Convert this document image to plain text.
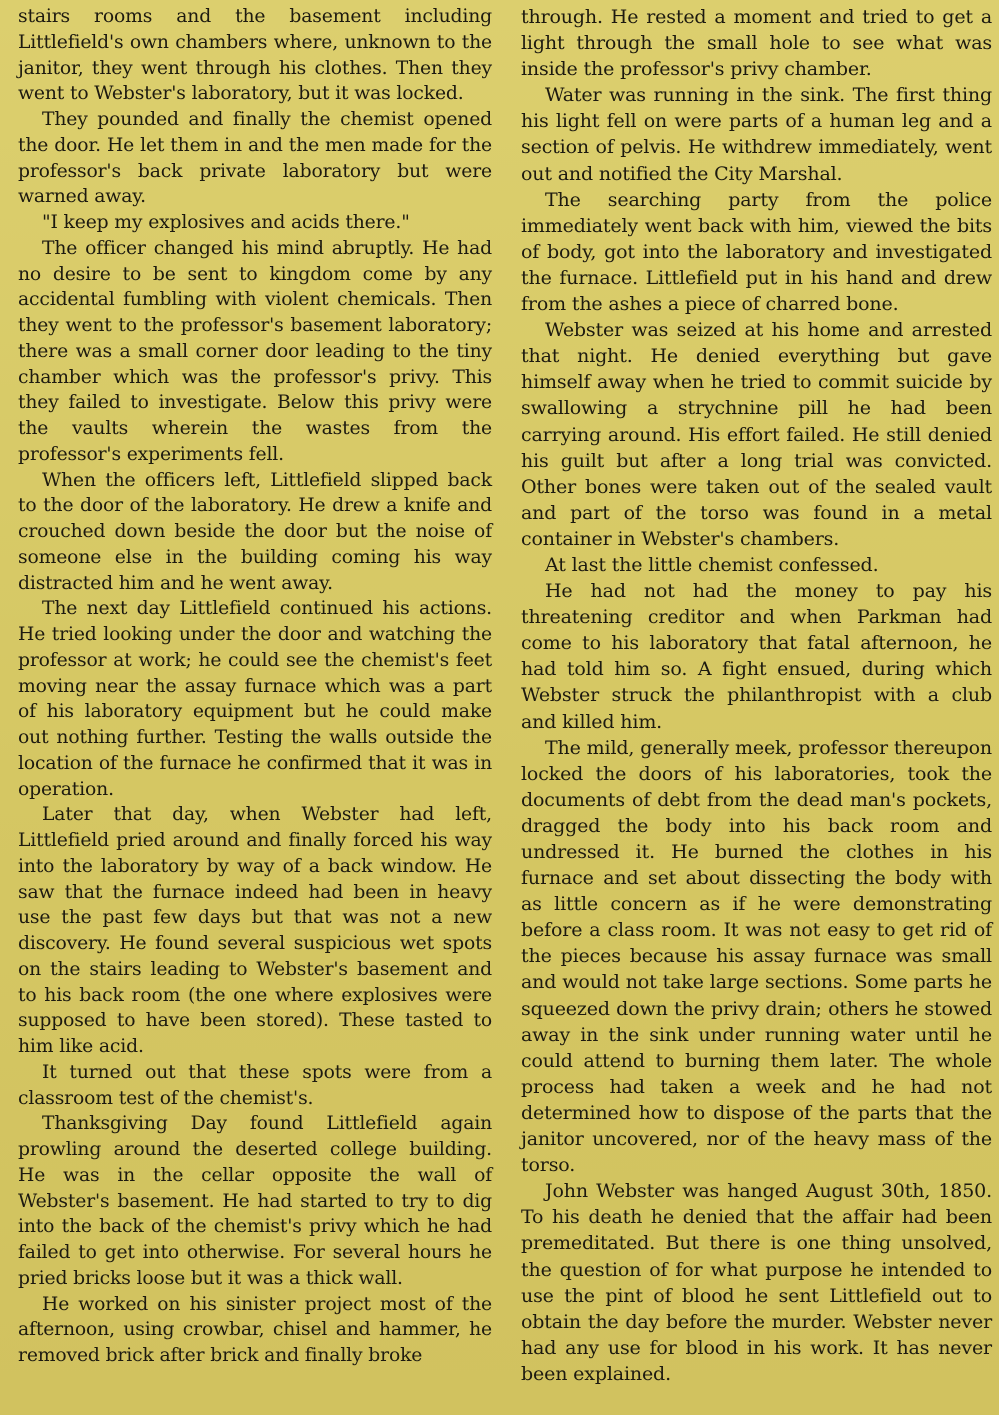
stairs rooms and the basement including Littlefield's own chambers where, unknown to the janitor, they went through his clothes. Then they went to Webster's laboratory, but it was locked.

They pounded and finally the chemist opened the door. He let them in and the men made for the professor's back private laboratory but were warned away.

"I keep my explosives and acids there."

The officer changed his mind abruptly. He had no desire to be sent to kingdom come by any accidental fumbling with violent chemicals. Then they went to the professor's basement laboratory; there was a small corner door leading to the tiny chamber which was the professor's privy. This they failed to investigate. Below this privy were the vaults wherein the wastes from the professor's experiments fell.

When the officers left, Littlefield slipped back to the door of the laboratory. He drew a knife and crouched down beside the door but the noise of someone else in the building coming his way distracted him and he went away.

The next day Littlefield continued his actions. He tried looking under the door and watching the professor at work; he could see the chemist's feet moving near the assay furnace which was a part of his laboratory equipment but he could make out nothing further. Testing the walls outside the location of the furnace he confirmed that it was in operation.

Later that day, when Webster had left, Littlefield pried around and finally forced his way into the laboratory by way of a back window. He saw that the furnace indeed had been in heavy use the past few days but that was not a new discovery. He found several suspicious wet spots on the stairs leading to Webster's basement and to his back room (the one where explosives were supposed to have been stored). These tasted to him like acid.

It turned out that these spots were from a classroom test of the chemist's.

Thanksgiving Day found Littlefield again prowling around the deserted college building. He was in the cellar opposite the wall of Webster's basement. He had started to try to dig into the back of the chemist's privy which he had failed to get into otherwise. For several hours he pried bricks loose but it was a thick wall.

He worked on his sinister project most of the afternoon, using crowbar, chisel and hammer, he removed brick after brick and finally broke

through. He rested a moment and tried to get a light through the small hole to see what was inside the professor's privy chamber.

Water was running in the sink. The first thing his light fell on were parts of a human leg and a section of pelvis. He withdrew immediately, went out and notified the City Marshal.

The searching party from the police immediately went back with him, viewed the bits of body, got into the laboratory and investigated the furnace. Littlefield put in his hand and drew from the ashes a piece of charred bone.

Webster was seized at his home and arrested that night. He denied everything but gave himself away when he tried to commit suicide by swallowing a strychnine pill he had been carrying around. His effort failed. He still denied his guilt but after a long trial was convicted. Other bones were taken out of the sealed vault and part of the torso was found in a metal container in Webster's chambers.

At last the little chemist confessed.

He had not had the money to pay his threatening creditor and when Parkman had come to his laboratory that fatal afternoon, he had told him so. A fight ensued, during which Webster struck the philanthropist with a club and killed him.

The mild, generally meek, professor thereupon locked the doors of his laboratories, took the documents of debt from the dead man's pockets, dragged the body into his back room and undressed it. He burned the clothes in his furnace and set about dissecting the body with as little concern as if he were demonstrating before a class room. It was not easy to get rid of the pieces because his assay furnace was small and would not take large sections. Some parts he squeezed down the privy drain; others he stowed away in the sink under running water until he could attend to burning them later. The whole process had taken a week and he had not determined how to dispose of the parts that the janitor uncovered, nor of the heavy mass of the torso.

John Webster was hanged August 30th, 1850. To his death he denied that the affair had been premeditated. But there is one thing unsolved, the question of for what purpose he intended to use the pint of blood he sent Littlefield out to obtain the day before the murder. Webster never had any use for blood in his work. It has never been explained.
